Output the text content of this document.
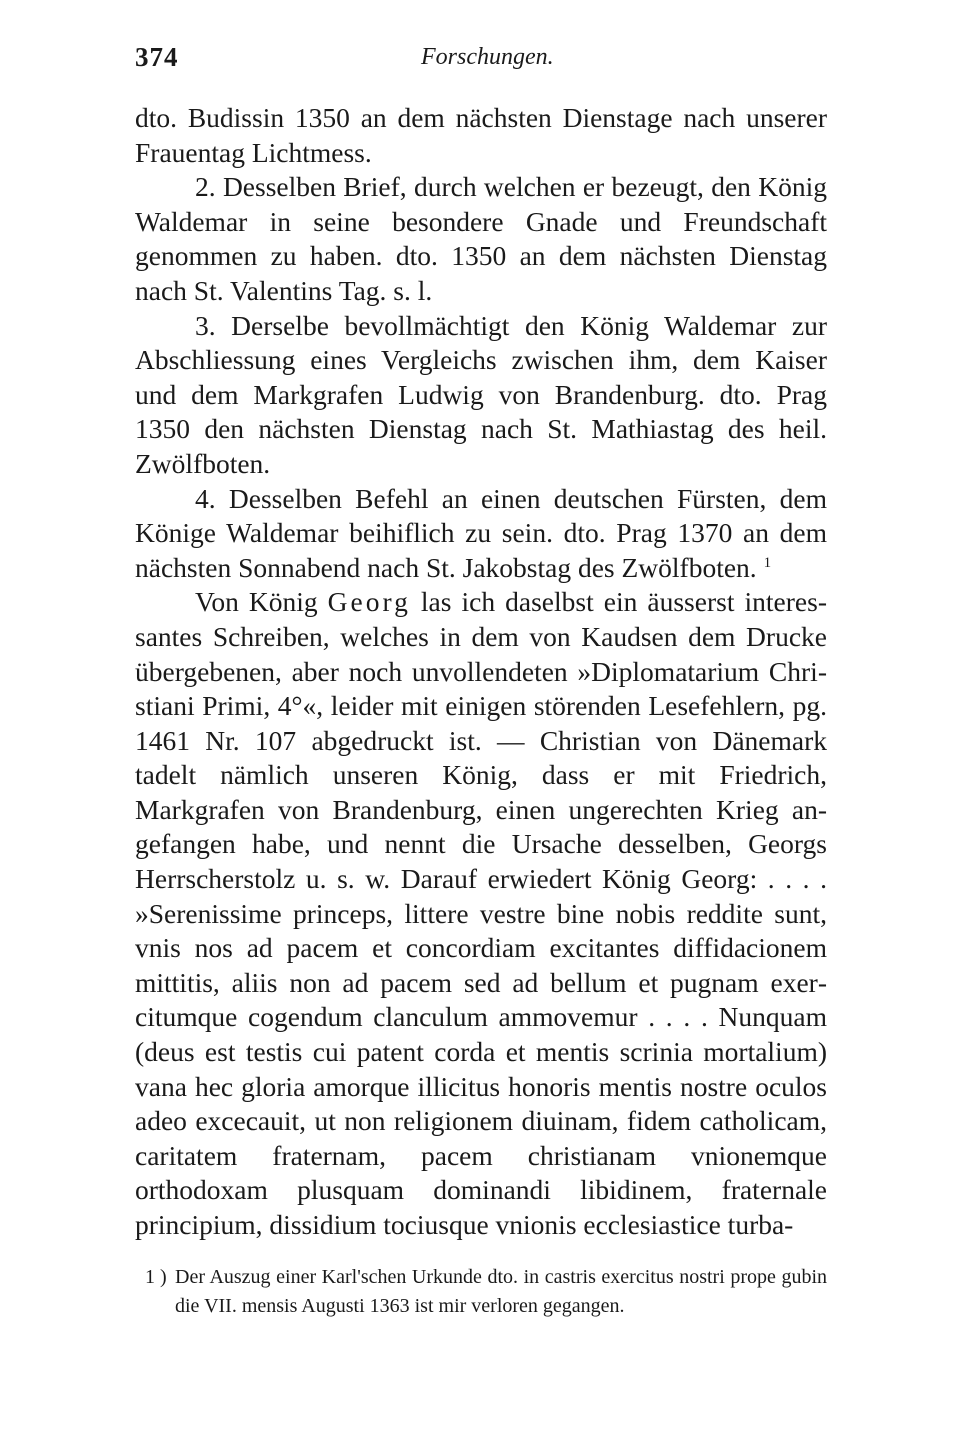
374	Forschungen.

dto. Budissin 1350 an dem nächsten Dienstage nach unserer Frauentag Lichtmess.

2. Desselben Brief, durch welchen er bezeugt, den König Waldemar in seine besondere Gnade und Freundschaft genommen zu haben. dto. 1350 an dem nächsten Dienstag nach St. Valentins Tag. s. l.

3. Derselbe bevollmächtigt den König Waldemar zur Abschliessung eines Vergleichs zwischen ihm, dem Kaiser und dem Markgrafen Ludwig von Brandenburg. dto. Prag 1350 den nächsten Dienstag nach St. Mathiastag des heil. Zwölfboten.

4. Desselben Befehl an einen deutschen Fürsten, dem Könige Waldemar beihiflich zu sein. dto. Prag 1370 an dem nächsten Sonnabend nach St. Jakobstag des Zwölfboten. $^1$

Von König Georg las ich daselbst ein äusserst interessantes Schreiben, welches in dem von Kaudsen dem Drucke übergebenen, aber noch unvollendeten »Diplomatarium Christiani Primi, 4°«, leider mit einigen störenden Lesefehlern, pg. 1461 Nr. 107 abgedruckt ist. — Christian von Dänemark tadelt nämlich unseren König, dass er mit Friedrich, Markgrafen von Brandenburg, einen ungerechten Krieg angefangen habe, und nennt die Ursache desselben, Georgs Herrscherstolz u. s. w. Darauf erwiedert König Georg: . . . . »Serenissime princeps, littere vestre bine nobis reddite sunt, vnis nos ad pacem et concordiam excitantes diffidacionem mittitis, aliis non ad pacem sed ad bellum et pugnam exercitumque cogendum clanculum ammovemur . . . . Nunquam (deus est testis cui patent corda et mentis scrinia mortalium) vana hec gloria amorque illicitus honoris mentis nostre oculos adeo excecauit, ut non religionem diuinam, fidem catholicam, caritatem fraternam, pacem christianam vnionemque orthodoxam plusquam dominandi libidinem, fraternale principium, dissidium tociusque vnionis ecclesiastice turba-

1 ) Der Auszug einer Karl'schen Urkunde dto. in castris exercitus nostri prope gubin die VII. mensis Augusti 1363 ist mir verloren gegangen.
